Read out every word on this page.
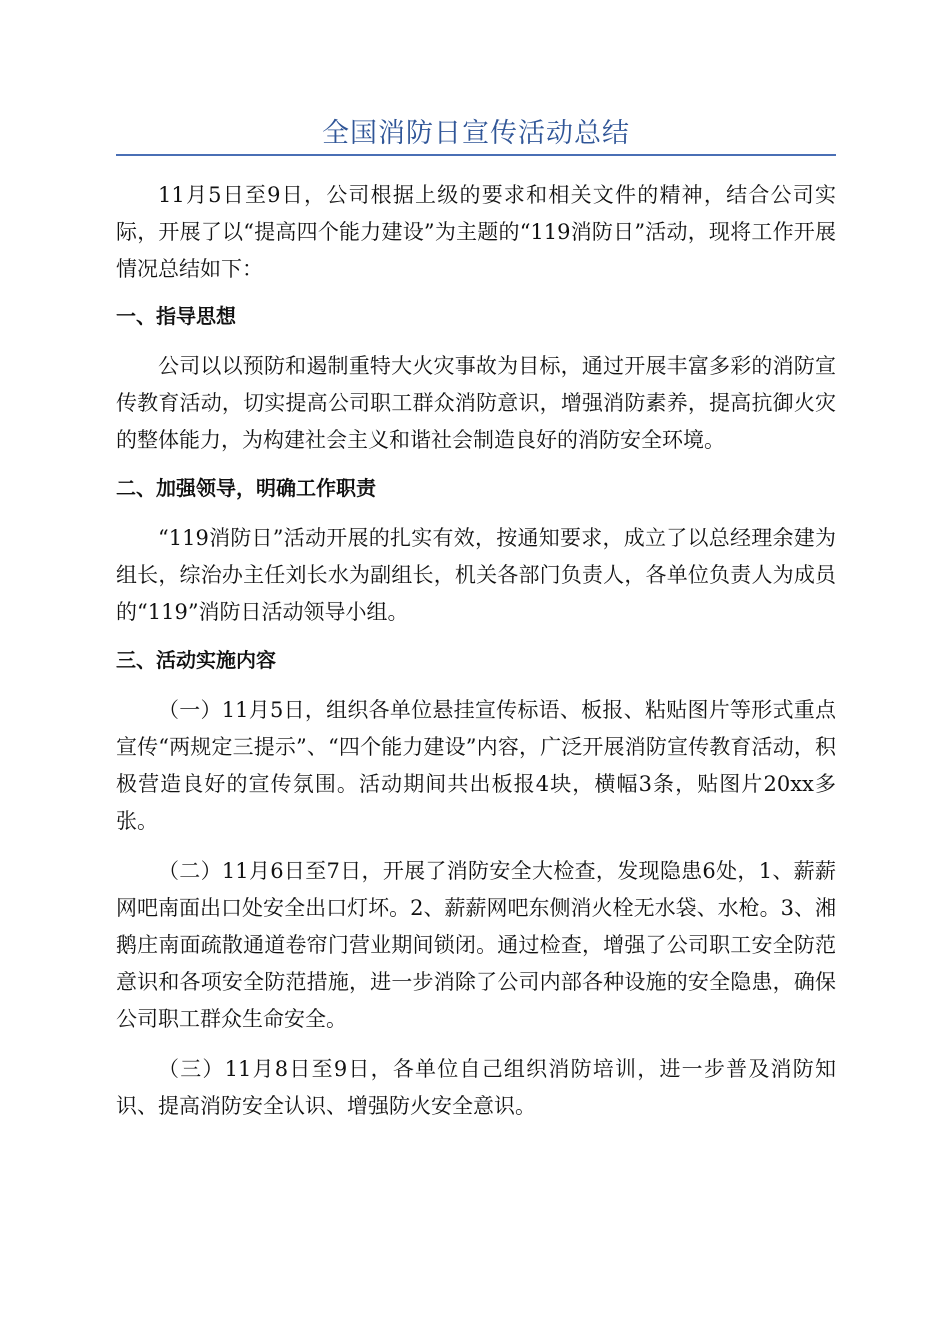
全国消防日宣传活动总结

11月5日至9日，公司根据上级的要求和相关文件的精神，结合公司实际，开展了以“提高四个能力建设”为主题的“119消防日”活动，现将工作开展情况总结如下：

一、指导思想

公司以以预防和遏制重特大火灾事故为目标，通过开展丰富多彩的消防宣传教育活动，切实提高公司职工群众消防意识，增强消防素养，提高抗御火灾的整体能力，为构建社会主义和谐社会制造良好的消防安全环境。

二、加强领导，明确工作职责

“119消防日”活动开展的扎实有效，按通知要求，成立了以总经理余建为组长，综治办主任刘长水为副组长，机关各部门负责人，各单位负责人为成员的“119”消防日活动领导小组。

三、活动实施内容

（一）11月5日，组织各单位悬挂宣传标语、板报、粘贴图片等形式重点宣传“两规定三提示”、“四个能力建设”内容，广泛开展消防宣传教育活动，积极营造良好的宣传氛围。活动期间共出板报4块，横幅3条，贴图片20xx多张。

（二）11月6日至7日，开展了消防安全大检查，发现隐患6处，1、薪薪网吧南面出口处安全出口灯坏。2、薪薪网吧东侧消火栓无水袋、水枪。3、湘鹅庄南面疏散通道卷帘门营业期间锁闭。通过检查，增强了公司职工安全防范意识和各项安全防范措施，进一步消除了公司内部各种设施的安全隐患，确保公司职工群众生命安全。

（三）11月8日至9日，各单位自己组织消防培训，进一步普及消防知识、提高消防安全认识、增强防火安全意识。
